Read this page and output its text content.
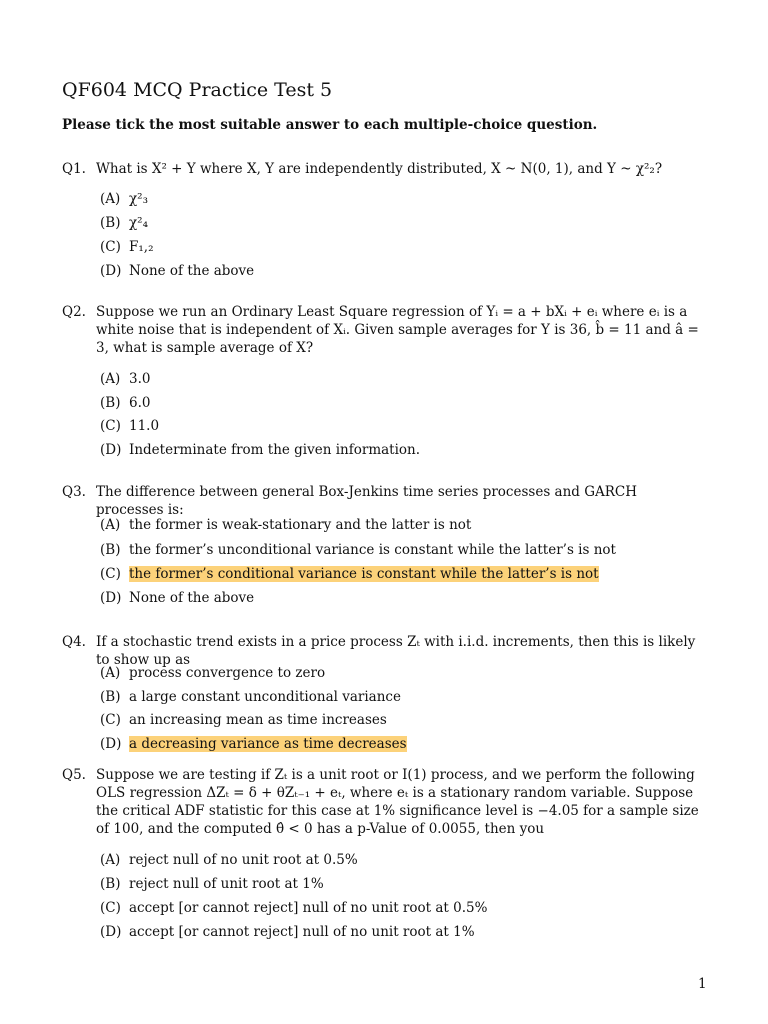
QF604 MCQ Practice Test 5
Please tick the most suitable answer to each multiple-choice question.
Q1. What is X² + Y where X, Y are independently distributed, X ~ N(0, 1), and Y ~ χ²₂?
(A) χ²₃
(B) χ²₄
(C) F₁,₂
(D) None of the above
Q2. Suppose we run an Ordinary Least Square regression of Yᵢ = a + bXᵢ + eᵢ where eᵢ is a white noise that is independent of Xᵢ. Given sample averages for Y is 36, b̂ = 11 and â = 3, what is sample average of X?
(A) 3.0
(B) 6.0
(C) 11.0
(D) Indeterminate from the given information.
Q3. The difference between general Box-Jenkins time series processes and GARCH processes is:
(A) the former is weak-stationary and the latter is not
(B) the former’s unconditional variance is constant while the latter’s is not
(C) the former’s conditional variance is constant while the latter’s is not
(D) None of the above
Q4. If a stochastic trend exists in a price process Zₜ with i.i.d. increments, then this is likely to show up as
(A) process convergence to zero
(B) a large constant unconditional variance
(C) an increasing mean as time increases
(D) a decreasing variance as time decreases
Q5. Suppose we are testing if Zₜ is a unit root or I(1) process, and we perform the following OLS regression ΔZₜ = δ + θZₜ₋₁ + eₜ, where eₜ is a stationary random variable. Suppose the critical ADF statistic for this case at 1% significance level is −4.05 for a sample size of 100, and the computed θ̂ < 0 has a p-Value of 0.0055, then you
(A) reject null of no unit root at 0.5%
(B) reject null of unit root at 1%
(C) accept [or cannot reject] null of no unit root at 0.5%
(D) accept [or cannot reject] null of no unit root at 1%
1
